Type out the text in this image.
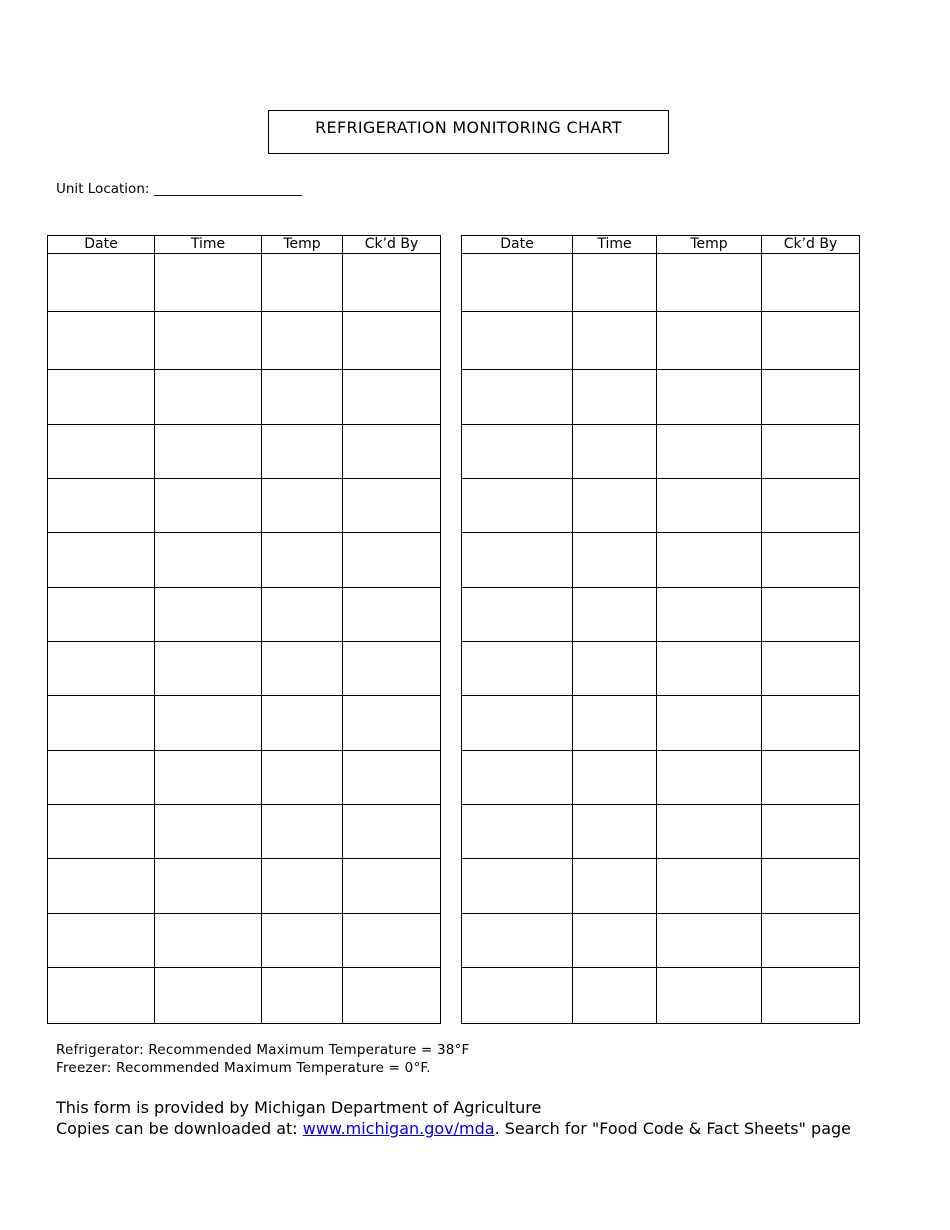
REFRIGERATION MONITORING CHART
Unit Location: ______________________
Date	Time	Temp	Ck’d By

				Date	Time	Temp	Ck’d By

Refrigerator: Recommended Maximum Temperature = 38°F
Freezer: Recommended Maximum Temperature = 0°F.
This form is provided by Michigan Department of Agriculture
Copies can be downloaded at: www.michigan.gov/mda. Search for "Food Code & Fact Sheets" page
